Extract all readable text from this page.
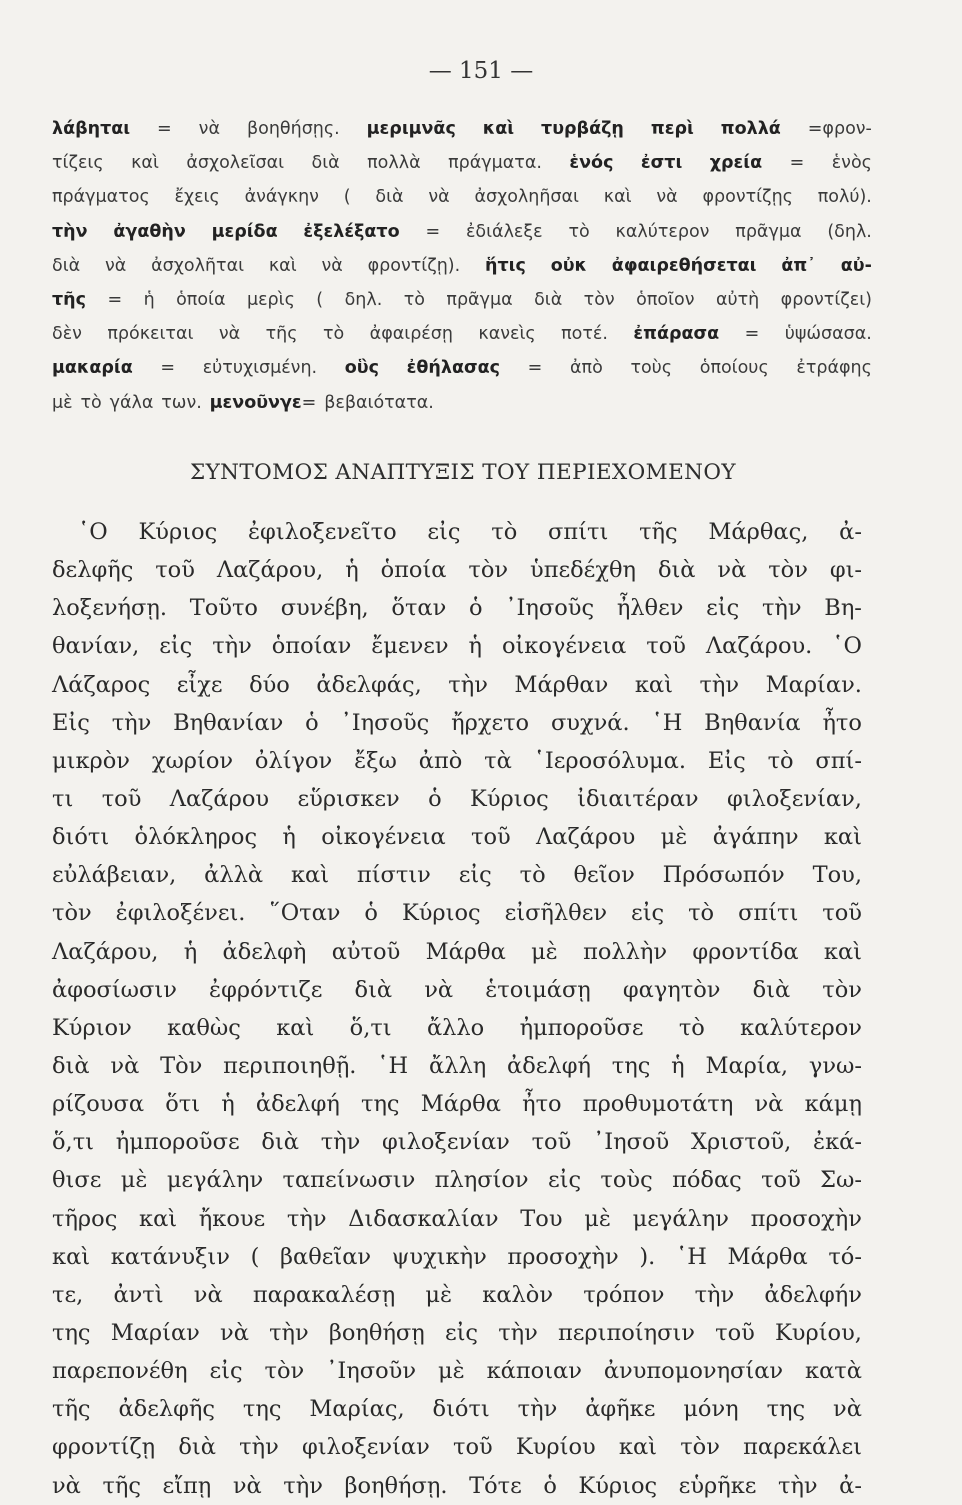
— 151 —
λάβηται = νὰ βοηθήσῃς. μεριμνᾶς καὶ τυρβάζῃ περὶ πολλά =φρον-
τίζεις καὶ ἀσχολεῖσαι διὰ πολλὰ πράγματα. ἑνός ἐστι χρεία = ἑνὸς
πράγματος ἔχεις ἀνάγκην ( διὰ νὰ ἀσχοληῆσαι καὶ νὰ φροντίζῃς πολύ).
τὴν ἀγαθὴν μερίδα ἐξελέξατο = ἐδιάλεξε τὸ καλύτερον πρᾶγμα (δηλ.
διὰ νὰ ἀσχολῆται καὶ νὰ φροντίζῃ). ἥτις οὐκ ἀφαιρεθήσεται ἀπ᾽ αὐ-
τῆς = ἡ ὁποία μερὶς ( δηλ. τὸ πρᾶγμα διὰ τὸν ὁποῖον αὐτὴ φροντίζει)
δὲν πρόκειται νὰ τῆς τὸ ἀφαιρέσῃ κανεὶς ποτέ. ἐπάρασα = ὑψώσασα.
μακαρία = εὐτυχισμένη. οὓς ἐθήλασας = ἀπὸ τοὺς ὁποίους ἐτράφης
μὲ τὸ γάλα των. μενοῦνγε = βεβαιότατα.
ΣΥΝΤΟΜΟΣ ΑΝΑΠΤΥΞΙΣ ΤΟΥ ΠΕΡΙΕΧΟΜΕΝΟΥ
῾Ο Κύριος ἐφιλοξενεῖτο εἰς τὸ σπίτι τῆς Μάρθας, ἀ-
δελφῆς τοῦ Λαζάρου, ἡ ὁποία τὸν ὑπεδέχθη διὰ νὰ τὸν φι-
λοξενήσῃ. Τοῦτο συνέβη, ὅταν ὁ ᾿Ιησοῦς ἦλθεν εἰς τὴν Βη-
θανίαν, εἰς τὴν ὁποίαν ἔμενεν ἡ οἰκογένεια τοῦ Λαζάρου. ῾Ο
Λάζαρος εἶχε δύο ἀδελφάς, τὴν Μάρθαν καὶ τὴν Μαρίαν.
Εἰς τὴν Βηθανίαν ὁ ᾿Ιησοῦς ἤρχετο συχνά. ῾Η Βηθανία ἦτο
μικρὸν χωρίον ὀλίγον ἔξω ἀπὸ τὰ ῾Ιεροσόλυμα. Εἰς τὸ σπί-
τι τοῦ Λαζάρου εὕρισκεν ὁ Κύριος ἰδιαιτέραν φιλοξενίαν,
διότι ὁλόκληρος ἡ οἰκογένεια τοῦ Λαζάρου μὲ ἀγάπην καὶ
εὐλάβειαν, ἀλλὰ καὶ πίστιν εἰς τὸ θεῖον Πρόσωπόν Του,
τὸν ἐφιλοξένει. ῞Οταν ὁ Κύριος εἰσῆλθεν εἰς τὸ σπίτι τοῦ
Λαζάρου, ἡ ἀδελφὴ αὐτοῦ Μάρθα μὲ πολλὴν φροντίδα καὶ
ἀφοσίωσιν ἐφρόντιζε διὰ νὰ ἑτοιμάσῃ φαγητὸν διὰ τὸν
Κύριον καθὼς καὶ ὅ,τι ἄλλο ἠμποροῦσε τὸ καλύτερον
διὰ νὰ Τὸν περιποιηθῇ. ῾Η ἄλλη ἀδελφή της ἡ Μαρία, γνω-
ρίζουσα ὅτι ἡ ἀδελφή της Μάρθα ἦτο προθυμοτάτη νὰ κάμῃ
ὅ,τι ἠμποροῦσε διὰ τὴν φιλοξενίαν τοῦ ᾿Ιησοῦ Χριστοῦ, ἐκά-
θισε μὲ μεγάλην ταπείνωσιν πλησίον εἰς τοὺς πόδας τοῦ Σω-
τῆρος καὶ ἤκουε τὴν Διδασκαλίαν Του μὲ μεγάλην προσοχὴν
καὶ κατάνυξιν ( βαθεῖαν ψυχικὴν προσοχὴν ). ῾Η Μάρθα τό-
τε, ἀντὶ νὰ παρακαλέσῃ μὲ καλὸν τρόπον τὴν ἀδελφήν
της Μαρίαν νὰ τὴν βοηθήσῃ εἰς τὴν περιποίησιν τοῦ Κυρίου,
παρεπονέθη εἰς τὸν ᾿Ιησοῦν μὲ κάποιαν ἀνυπομονησίαν κατὰ
τῆς ἀδελφῆς της Μαρίας, διότι τὴν ἀφῆκε μόνη της νὰ
φροντίζῃ διὰ τὴν φιλοξενίαν τοῦ Κυρίου καὶ τὸν παρεκάλει
νὰ τῆς εἴπῃ νὰ τὴν βοηθήσῃ. Τότε ὁ Κύριος εὑρῆκε τὴν ἀ-
